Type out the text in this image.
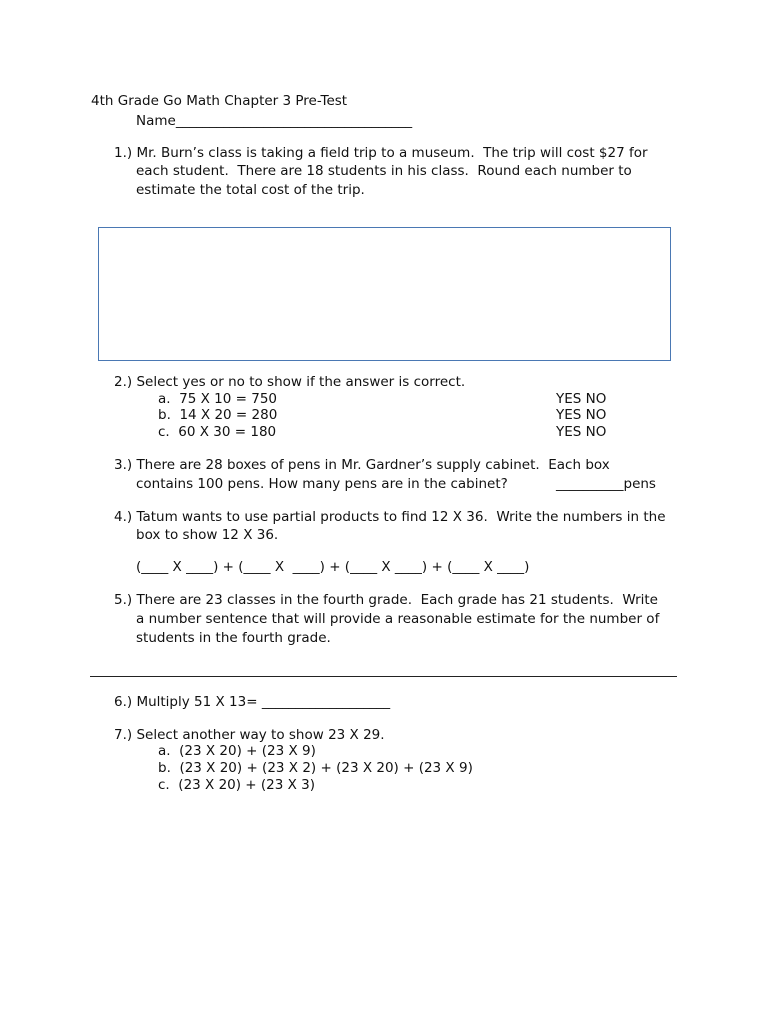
4th Grade Go Math Chapter 3 Pre-Test
Name___________________________________
1.) Mr. Burn’s class is taking a field trip to a museum.  The trip will cost $27 for
each student.  There are 18 students in his class.  Round each number to
estimate the total cost of the trip.
2.) Select yes or no to show if the answer is correct.
a.  75 X 10 = 750	YES NO
b.  14 X 20 = 280	YES NO
c.  60 X 30 = 180	YES NO
3.) There are 28 boxes of pens in Mr. Gardner’s supply cabinet.  Each box
contains 100 pens. How many pens are in the cabinet?	__________pens
4.) Tatum wants to use partial products to find 12 X 36.  Write the numbers in the
box to show 12 X 36.
(____ X ____) + (____ X  ____) + (____ X ____) + (____ X ____)
5.) There are 23 classes in the fourth grade.  Each grade has 21 students.  Write
a number sentence that will provide a reasonable estimate for the number of
students in the fourth grade.
6.) Multiply 51 X 13= ___________________
7.) Select another way to show 23 X 29.
a.  (23 X 20) + (23 X 9)
b.  (23 X 20) + (23 X 2) + (23 X 20) + (23 X 9)
c.  (23 X 20) + (23 X 3)
